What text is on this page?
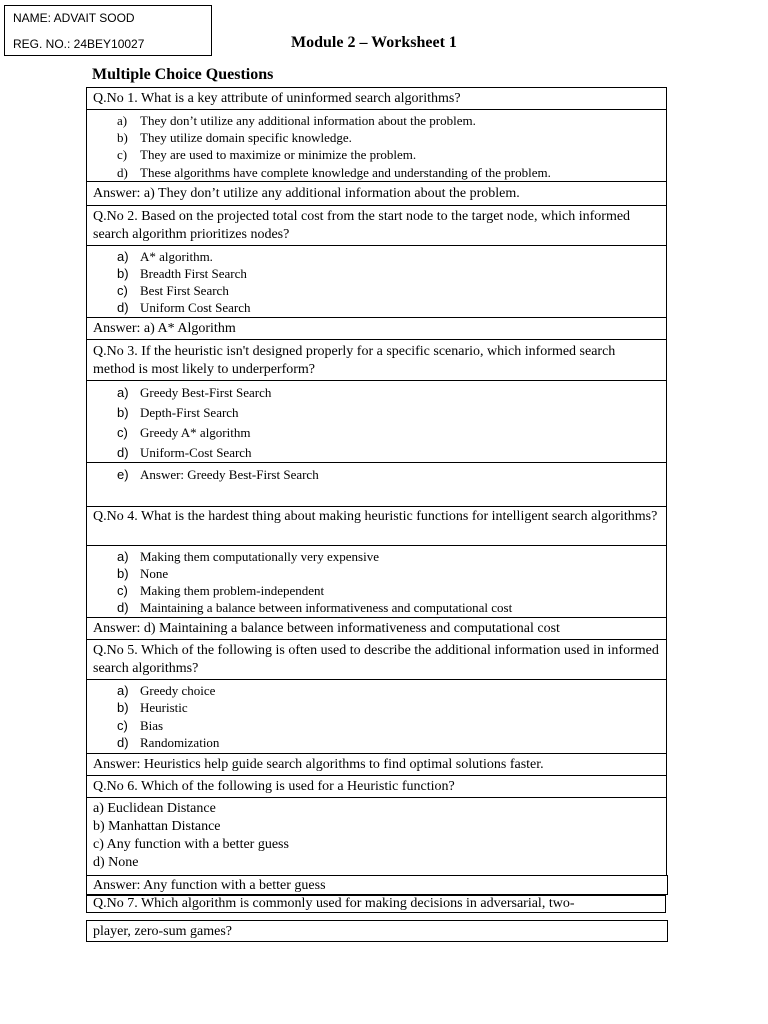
NAME: ADVAIT SOOD
REG. NO.: 24BEY10027	Module 2 – Worksheet 1
Multiple Choice Questions
Q.No 1. What is a key attribute of uninformed search algorithms?
a) They don’t utilize any additional information about the problem.
b) They utilize domain specific knowledge.
c) They are used to maximize or minimize the problem.
d) These algorithms have complete knowledge and understanding of the problem.
Answer: a) They don’t utilize any additional information about the problem.
Q.No 2. Based on the projected total cost from the start node to the target node, which informed search algorithm prioritizes nodes?
a) A* algorithm.
b) Breadth First Search
c) Best First Search
d) Uniform Cost Search
Answer: a) A* Algorithm
Q.No 3. If the heuristic isn't designed properly for a specific scenario, which informed search method is most likely to underperform?
a) Greedy Best-First Search
b) Depth-First Search
c) Greedy A* algorithm
d) Uniform-Cost Search
e) Answer: Greedy Best-First Search
Q.No 4. What is the hardest thing about making heuristic functions for intelligent search algorithms?
a) Making them computationally very expensive
b) None
c) Making them problem-independent
d) Maintaining a balance between informativeness and computational cost
Answer: d) Maintaining a balance between informativeness and computational cost
Q.No 5. Which of the following is often used to describe the additional information used in informed search algorithms?
a) Greedy choice
b) Heuristic
c) Bias
d) Randomization
Answer: Heuristics help guide search algorithms to find optimal solutions faster.
Q.No 6. Which of the following is used for a Heuristic function?
a) Euclidean Distance
b) Manhattan Distance
c) Any function with a better guess
d) None
Answer: Any function with a better guess
Q.No 7. Which algorithm is commonly used for making decisions in adversarial, two-
player, zero-sum games?
